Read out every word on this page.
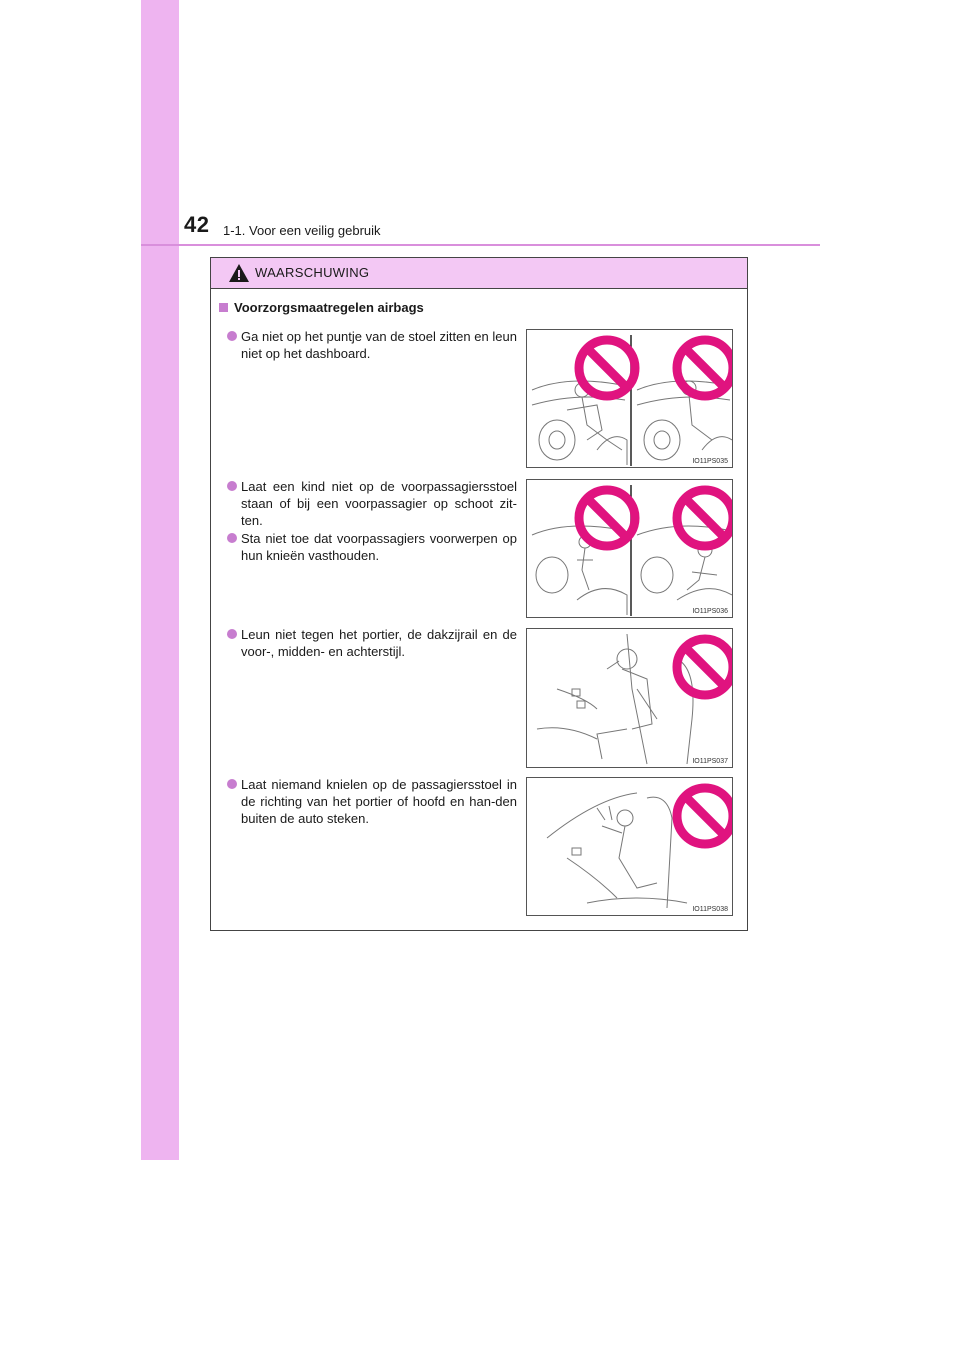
42 1-1. Voor een veilig gebruik
WAARSCHUWING
Voorzorgsmaatregelen airbags
Ga niet op het puntje van de stoel zitten en leun niet op het dashboard.
Laat een kind niet op de voorpassagiersstoel staan of bij een voorpassagier op schoot zit-ten.
Sta niet toe dat voorpassagiers voorwerpen op hun knieën vasthouden.
Leun niet tegen het portier, de dakzijrail en de voor-, midden- en achterstijl.
Laat niemand knielen op de passagiersstoel in de richting van het portier of hoofd en han-den buiten de auto steken.
IO11PS035
IO11PS036
IO11PS037
IO11PS038
